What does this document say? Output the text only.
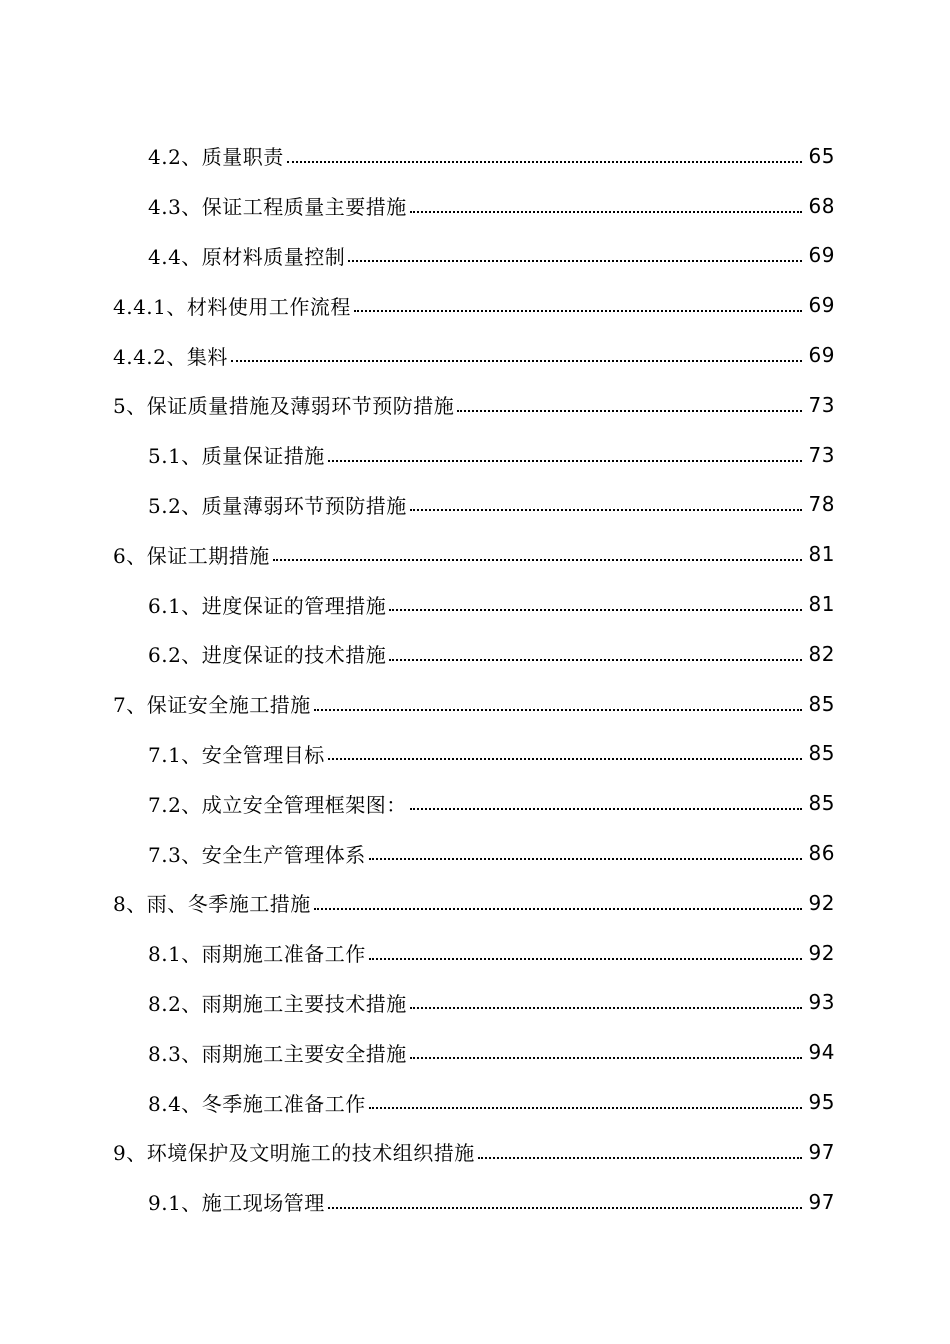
4.2、质量职责	65
4.3、保证工程质量主要措施	68
4.4、原材料质量控制	69
4.4.1、材料使用工作流程	69
4.4.2、集料	69
5、保证质量措施及薄弱环节预防措施	73
5.1、质量保证措施	73
5.2、质量薄弱环节预防措施	78
6、保证工期措施	81
6.1、进度保证的管理措施	81
6.2、进度保证的技术措施	82
7、保证安全施工措施	85
7.1、安全管理目标	85
7.2、成立安全管理框架图：	85
7.3、安全生产管理体系	86
8、雨、冬季施工措施	92
8.1、雨期施工准备工作	92
8.2、雨期施工主要技术措施	93
8.3、雨期施工主要安全措施	94
8.4、冬季施工准备工作	95
9、环境保护及文明施工的技术组织措施	97
9.1、施工现场管理	97
